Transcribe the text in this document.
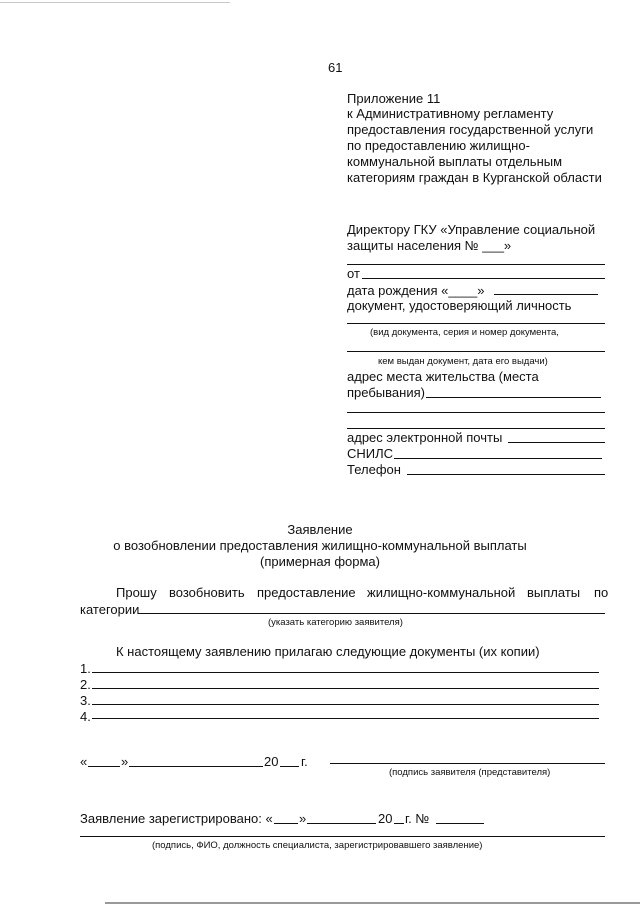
61
Приложение 11
к Административному регламенту
предоставления государственной услуги
по предоставлению жилищно-
коммунальной выплаты отдельным
категориям граждан в Курганской области
Директору ГКУ «Управление социальной
защиты населения № ___»
от
дата рождения «____»
документ, удостоверяющий личность
(вид документа, серия и номер документа,
кем выдан документ, дата его выдачи)
адрес места жительства (места
пребывания)
адрес электронной почты
СНИЛС
Телефон
Заявление
о возобновлении предоставления жилищно-коммунальной выплаты
(примерная форма)
Прошу возобновить предоставление жилищно-коммунальной выплаты по
категории
(указать категорию заявителя)
К настоящему заявлению прилагаю следующие документы (их копии)
1.
2.
3.
4.
«	»	20 г.
(подпись заявителя (представителя)
Заявление зарегистрировано: « »	20 г. №
(подпись, ФИО, должность специалиста, зарегистрировавшего заявление)
